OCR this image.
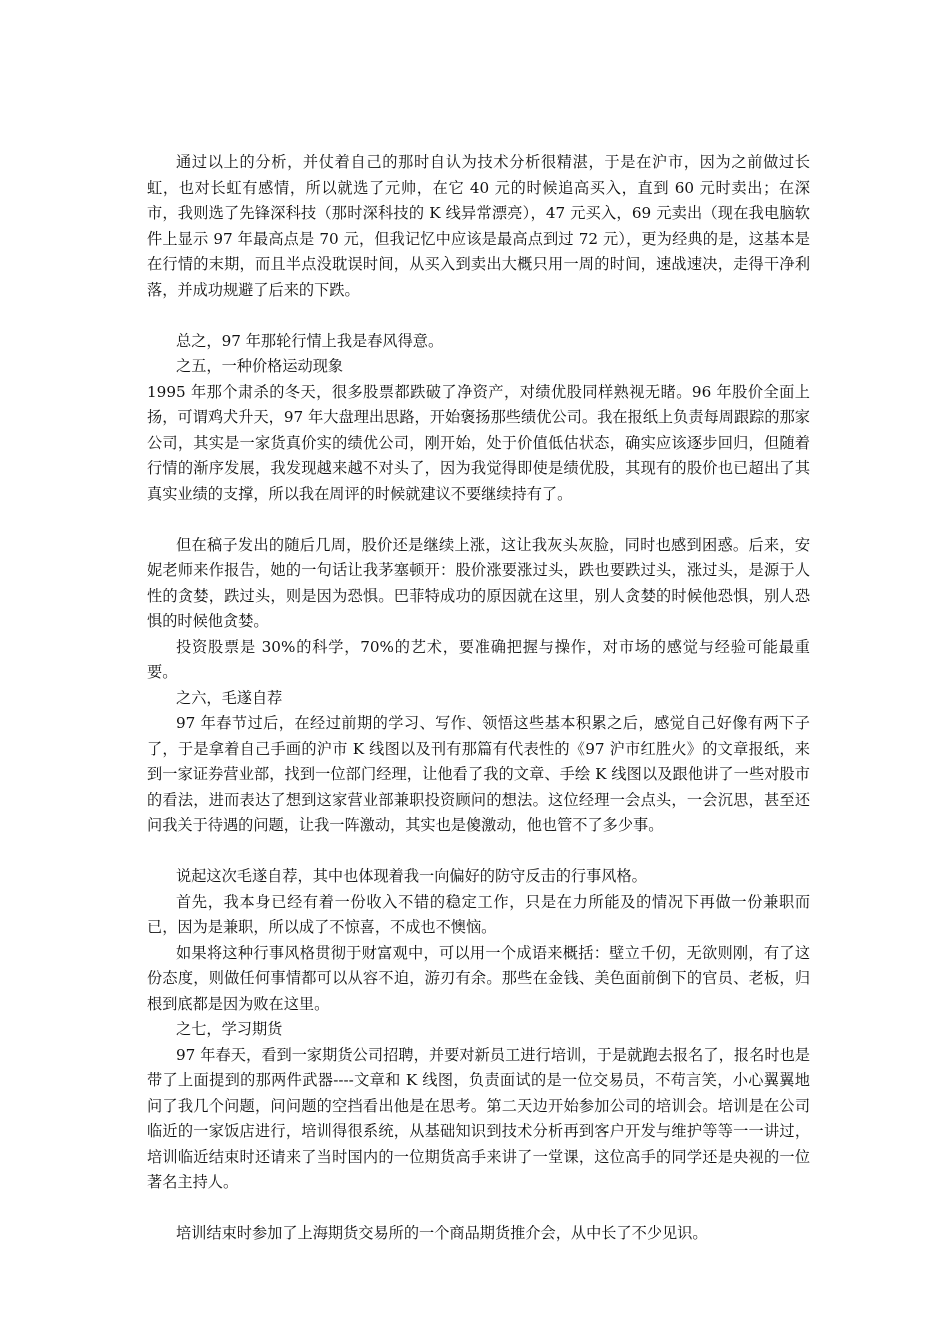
通过以上的分析，并仗着自己的那时自认为技术分析很精湛，于是在沪市，因为之前做过长虹，也对长虹有感情，所以就选了元帅，在它 40 元的时候追高买入，直到 60 元时卖出；在深市，我则选了先锋深科技（那时深科技的 K 线异常漂亮），47 元买入，69 元卖出（现在我电脑软件上显示 97 年最高点是 70 元，但我记忆中应该是最高点到过 72 元），更为经典的是，这基本是在行情的末期，而且半点没耽误时间，从买入到卖出大概只用一周的时间，速战速决，走得干净利落，并成功规避了后来的下跌。

总之，97 年那轮行情上我是春风得意。

之五，一种价格运动现象

1995 年那个肃杀的冬天，很多股票都跌破了净资产，对绩优股同样熟视无睹。96 年股价全面上扬，可谓鸡犬升天，97 年大盘理出思路，开始褒扬那些绩优公司。我在报纸上负责每周跟踪的那家公司，其实是一家货真价实的绩优公司，刚开始，处于价值低估状态，确实应该逐步回归，但随着行情的渐序发展，我发现越来越不对头了，因为我觉得即使是绩优股，其现有的股价也已超出了其真实业绩的支撑，所以我在周评的时候就建议不要继续持有了。

但在稿子发出的随后几周，股价还是继续上涨，这让我灰头灰脸，同时也感到困惑。后来，安妮老师来作报告，她的一句话让我茅塞顿开：股价涨要涨过头，跌也要跌过头，涨过头，是源于人性的贪婪，跌过头，则是因为恐惧。巴菲特成功的原因就在这里，别人贪婪的时候他恐惧，别人恐惧的时候他贪婪。

投资股票是 30%的科学，70%的艺术，要准确把握与操作，对市场的感觉与经验可能最重要。

之六，毛遂自荐

97 年春节过后，在经过前期的学习、写作、领悟这些基本积累之后，感觉自己好像有两下子了，于是拿着自己手画的沪市 K 线图以及刊有那篇有代表性的《97 沪市红胜火》的文章报纸，来到一家证券营业部，找到一位部门经理，让他看了我的文章、手绘 K 线图以及跟他讲了一些对股市的看法，进而表达了想到这家营业部兼职投资顾问的想法。这位经理一会点头，一会沉思，甚至还问我关于待遇的问题，让我一阵激动，其实也是傻激动，他也管不了多少事。

说起这次毛遂自荐，其中也体现着我一向偏好的防守反击的行事风格。

首先，我本身已经有着一份收入不错的稳定工作，只是在力所能及的情况下再做一份兼职而已，因为是兼职，所以成了不惊喜，不成也不懊恼。

如果将这种行事风格贯彻于财富观中，可以用一个成语来概括：壁立千仞，无欲则刚，有了这份态度，则做任何事情都可以从容不迫，游刃有余。那些在金钱、美色面前倒下的官员、老板，归根到底都是因为败在这里。

之七，学习期货

97 年春天，看到一家期货公司招聘，并要对新员工进行培训，于是就跑去报名了，报名时也是带了上面提到的那两件武器----文章和 K 线图，负责面试的是一位交易员，不苟言笑，小心翼翼地问了我几个问题，问问题的空挡看出他是在思考。第二天边开始参加公司的培训会。培训是在公司临近的一家饭店进行，培训得很系统，从基础知识到技术分析再到客户开发与维护等等一一讲过，培训临近结束时还请来了当时国内的一位期货高手来讲了一堂课，这位高手的同学还是央视的一位著名主持人。

培训结束时参加了上海期货交易所的一个商品期货推介会，从中长了不少见识。
